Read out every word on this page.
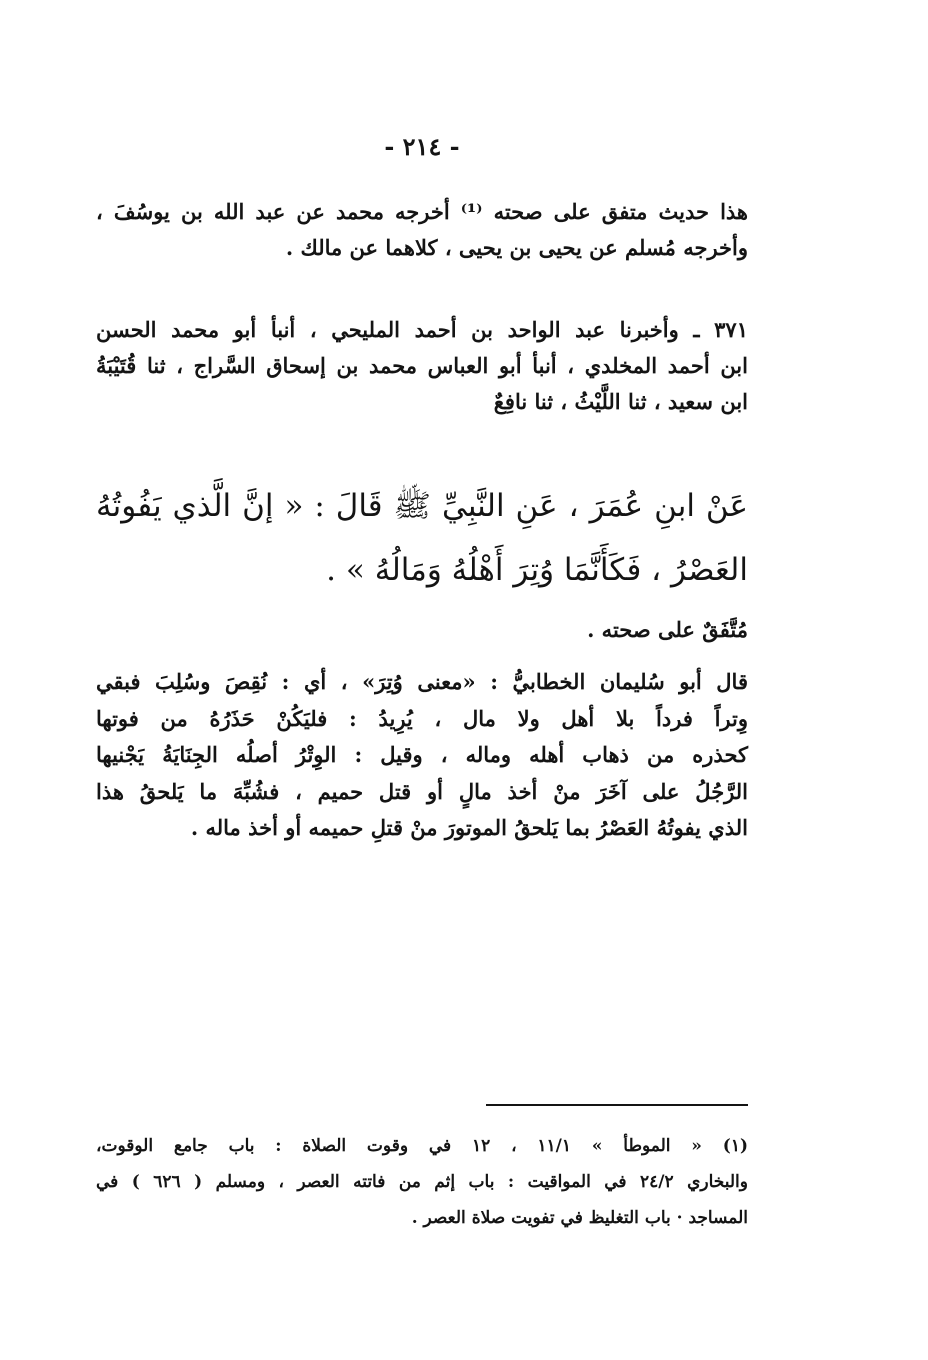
- ٢١٤ -
هذا حديث متفق على صحته ⁽¹⁾ أخرجه محمد عن عبد الله بن يوسُفَ ،
وأخرجه مُسلم عن يحيى بن يحيى ، كلاهما عن مالك .
٣٧١ ـ وأخبرنا عبد الواحد بن أحمد المليحي ، أنبأ أبو محمد الحسن
ابن أحمد المخلدي ، أنبأ أبو العباس محمد بن إسحاق السَّراج ، ثنا قُتَيْبَةُ
ابن سعيد ، ثنا اللَّيْثُ ، ثنا نافِعٌ
عَنْ ابنِ عُمَرَ ، عَنِ النَّبِيِّ ﷺ قَالَ : « إنَّ الَّذي يَفُوتُهُ
العَصْرُ ، فَكَأَنَّمَا وُتِرَ أَهْلُهُ وَمَالُهُ » .
مُتَّفَقٌ على صحته .
قال أبو سُليمان الخطابيُّ : «معنى وُتِرَ» ، أي : نُقِصَ وسُلِبَ فبقي
وِتراً فرداً بلا أهل ولا مال ، يُرِيدُ : فليَكُنْ حَذَرُهُ من فوتها
كحذره من ذهاب أهله وماله ، وقيل : الوِتْرُ أصلُه الجِنَايَةُ يَجْنيها
الرَّجُلُ على آخَرَ منْ أخذ مالٍ أو قتل حميم ، فشُبِّهَ ما يَلحقُ هذا
الذي يفوتُهُ العَصْرُ بما يَلحقُ الموتورَ منْ قتلِ حميمه أو أخذ ماله .
(١) « الموطأ » ١١/١ ، ١٢ في وقوت الصلاة : باب جامع الوقوت،
والبخاري ٢٤/٢ في المواقيت : باب إثم من فاتته العصر ، ومسلم ( ٦٢٦ ) في
المساجد · باب التغليظ في تفويت صلاة العصر .
